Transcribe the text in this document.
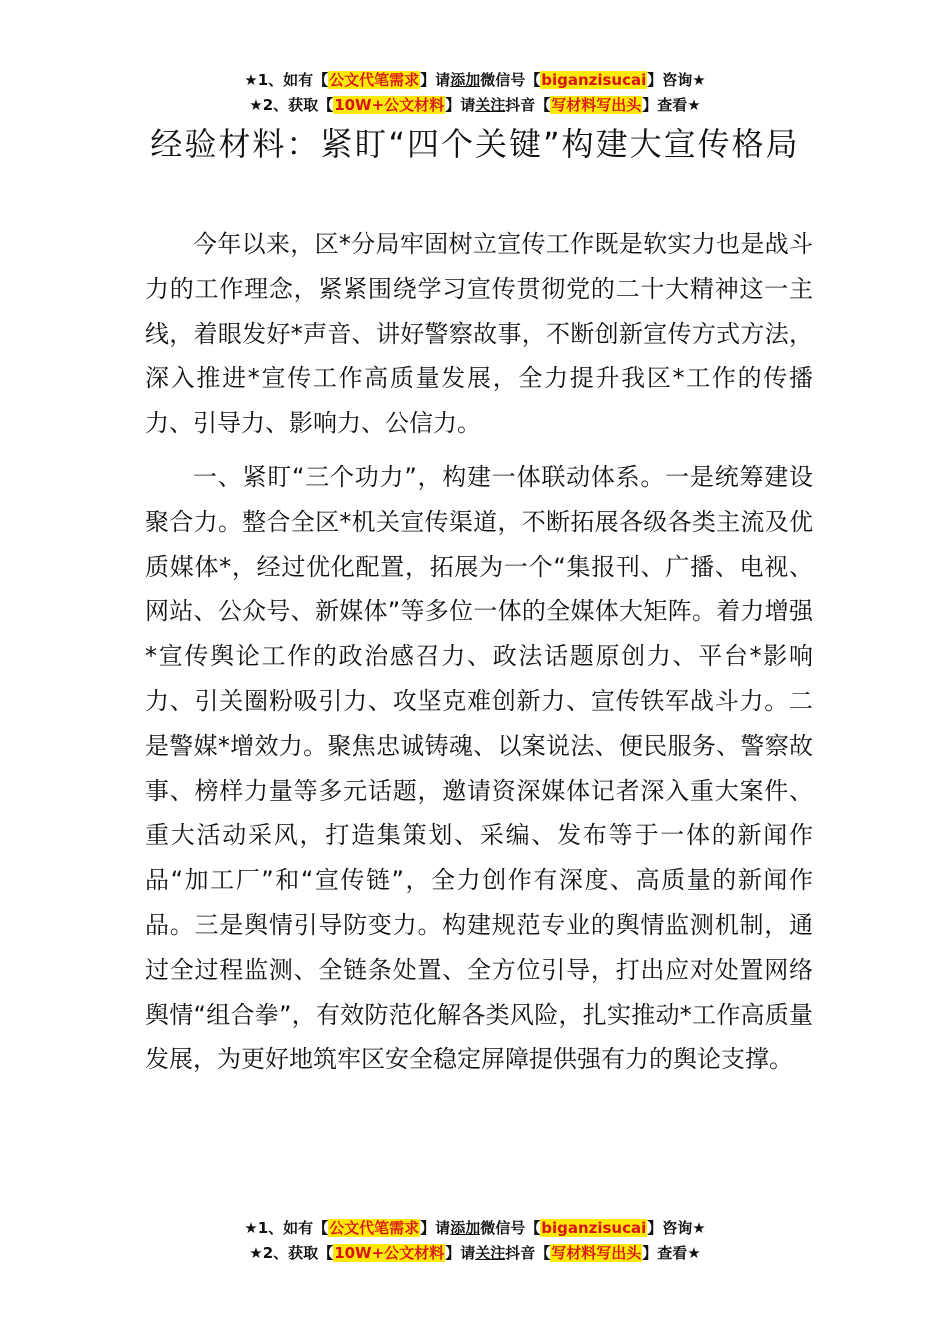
★1、如有【公文代笔需求】请添加微信号【biganzisucai】咨询★
★2、获取【10W+公文材料】请关注抖音【写材料写出头】查看★
经验材料：紧盯“四个关键”构建大宣传格局

今年以来，区*分局牢固树立宣传工作既是软实力也是战斗力的工作理念，紧紧围绕学习宣传贯彻党的二十大精神这一主线，着眼发好*声音、讲好警察故事，不断创新宣传方式方法，深入推进*宣传工作高质量发展，全力提升我区*工作的传播力、引导力、影响力、公信力。

一、紧盯“三个功力”，构建一体联动体系。一是统筹建设聚合力。整合全区*机关宣传渠道，不断拓展各级各类主流及优质媒体*，经过优化配置，拓展为一个“集报刊、广播、电视、网站、公众号、新媒体”等多位一体的全媒体大矩阵。着力增强*宣传舆论工作的政治感召力、政法话题原创力、平台*影响力、引关圈粉吸引力、攻坚克难创新力、宣传铁军战斗力。二是警媒*增效力。聚焦忠诚铸魂、以案说法、便民服务、警察故事、榜样力量等多元话题，邀请资深媒体记者深入重大案件、重大活动采风，打造集策划、采编、发布等于一体的新闻作品“加工厂”和“宣传链”，全力创作有深度、高质量的新闻作品。三是舆情引导防变力。构建规范专业的舆情监测机制，通过全过程监测、全链条处置、全方位引导，打出应对处置网络舆情“组合拳”，有效防范化解各类风险，扎实推动*工作高质量发展，为更好地筑牢区安全稳定屏障提供强有力的舆论支撑。

★1、如有【公文代笔需求】请添加微信号【biganzisucai】咨询★
★2、获取【10W+公文材料】请关注抖音【写材料写出头】查看★
